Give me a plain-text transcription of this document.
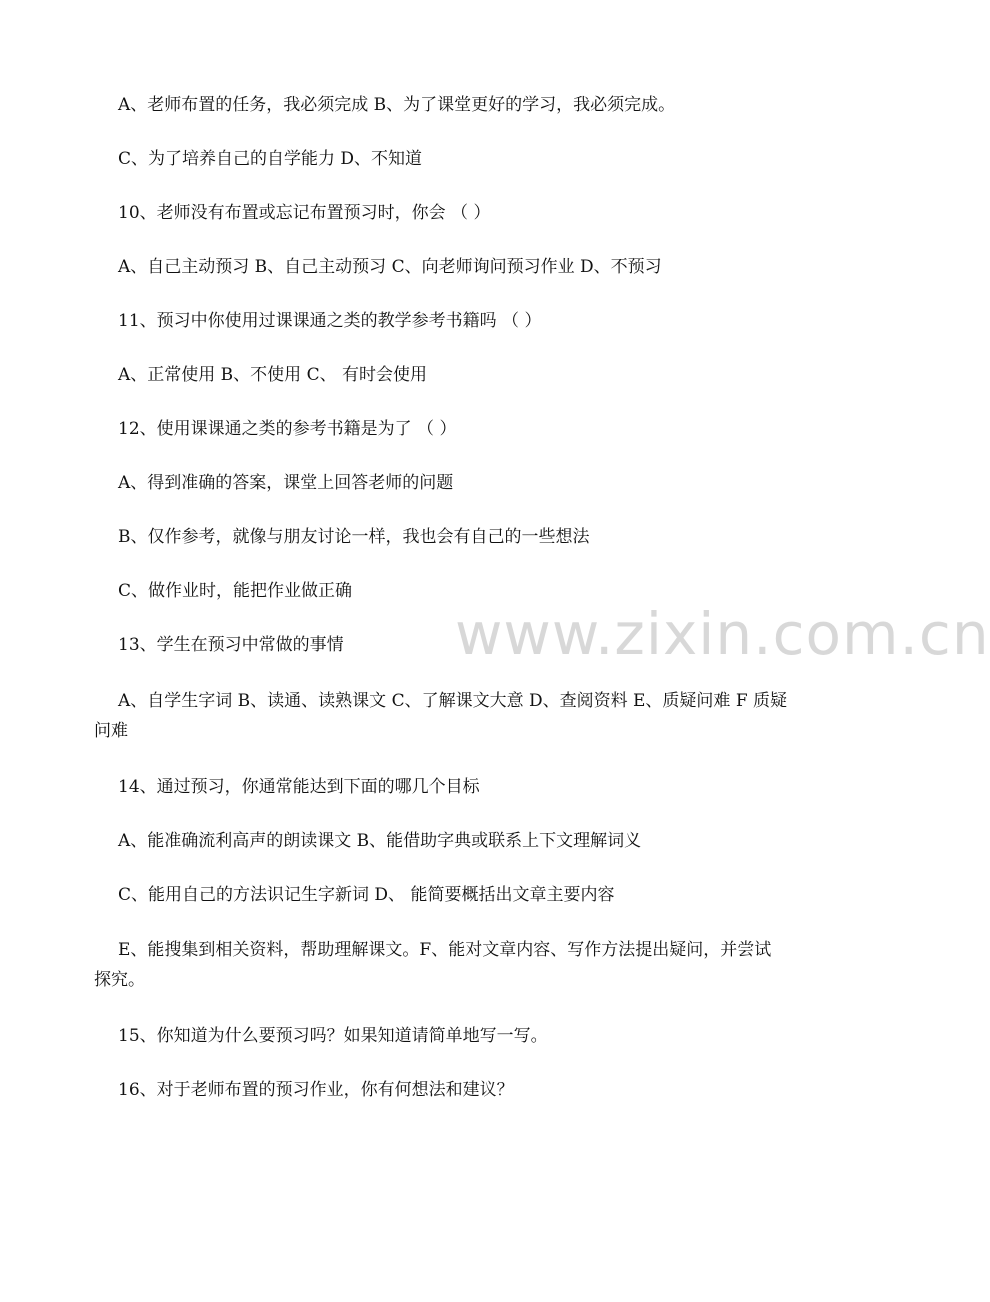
A、老师布置的任务，我必须完成 B、为了课堂更好的学习，我必须完成。
C、为了培养自己的自学能力 D、不知道
10、老师没有布置或忘记布置预习时，你会 （ ）
A、自己主动预习 B、自己主动预习 C、向老师询问预习作业 D、不预习
11、预习中你使用过课课通之类的教学参考书籍吗 （ ）
A、正常使用 B、不使用 C、 有时会使用
12、使用课课通之类的参考书籍是为了 （ ）
A、得到准确的答案，课堂上回答老师的问题
B、仅作参考，就像与朋友讨论一样，我也会有自己的一些想法
C、做作业时，能把作业做正确
13、学生在预习中常做的事情
A、自学生字词 B、读通、读熟课文 C、了解课文大意 D、查阅资料 E、质疑问难 F 质疑
问难
14、通过预习，你通常能达到下面的哪几个目标
A、能准确流利高声的朗读课文 B、能借助字典或联系上下文理解词义
C、能用自己的方法识记生字新词 D、 能简要概括出文章主要内容
E、能搜集到相关资料，帮助理解课文。F、能对文章内容、写作方法提出疑问，并尝试
探究。
15、你知道为什么要预习吗？如果知道请简单地写一写。
16、对于老师布置的预习作业，你有何想法和建议？
www.zixin.com.cn
